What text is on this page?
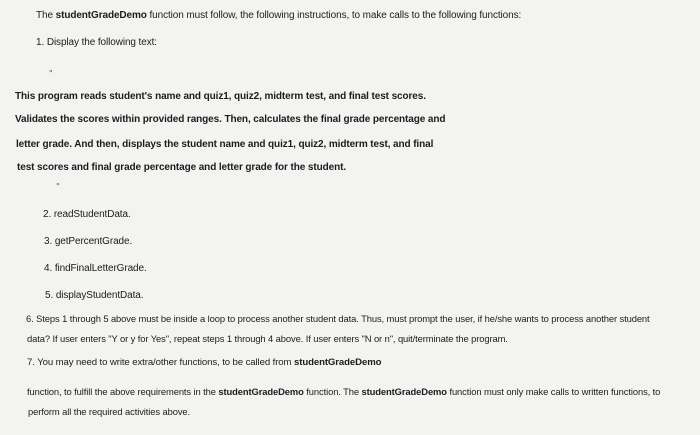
The studentGradeDemo function must follow, the following instructions, to make calls to the following functions:
1. Display the following text:
"
This program reads student's name and quiz1, quiz2, midterm test, and final test scores.
Validates the scores within provided ranges. Then, calculates the final grade percentage and
letter grade. And then, displays the student name and quiz1, quiz2, midterm test, and final
test scores and final grade percentage and letter grade for the student.
"
2. readStudentData.
3. getPercentGrade.
4. findFinalLetterGrade.
5. displayStudentData.
6. Steps 1 through 5 above must be inside a loop to process another student data. Thus, must prompt the user, if he/she wants to process another student
data? If user enters "Y or y for Yes", repeat steps 1 through 4 above. If user enters "N or n", quit/terminate the program.
7. You may need to write extra/other functions, to be called from studentGradeDemo
function, to fulfill the above requirements in the studentGradeDemo function. The studentGradeDemo function must only make calls to written functions, to
perform all the required activities above.
